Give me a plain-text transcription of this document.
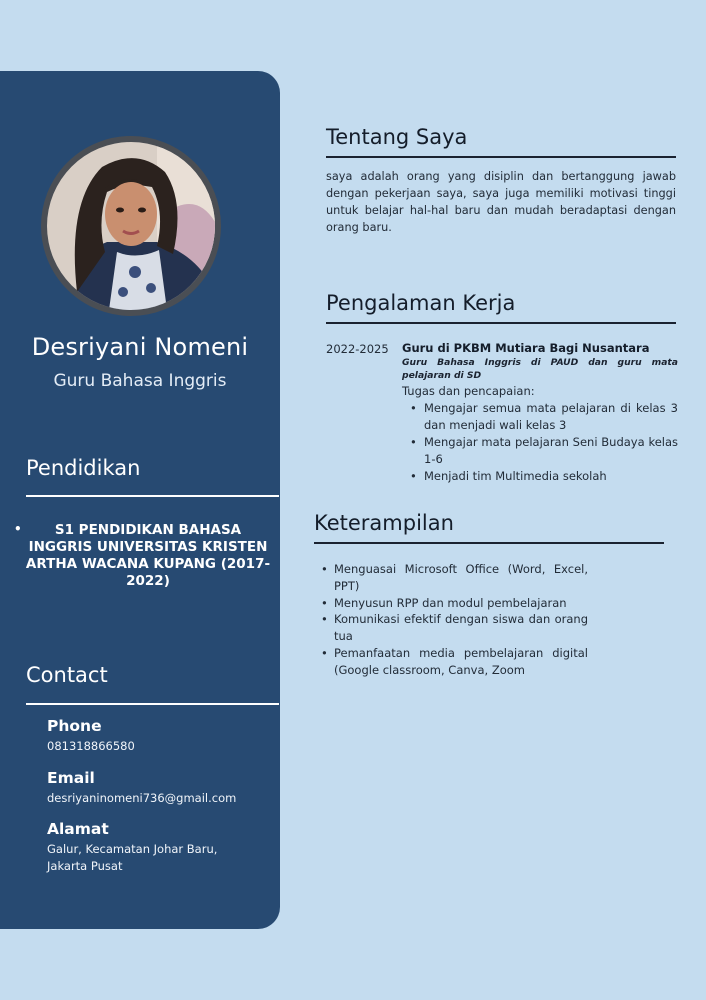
Desriyani Nomeni
Guru Bahasa Inggris
Pendidikan
•	S1 PENDIDIKAN BAHASA INGGRIS UNIVERSITAS KRISTEN ARTHA WACANA KUPANG (2017-2022)
Contact
Phone
081318866580
Email
desriyaninomeni736@gmail.com
Alamat
Galur, Kecamatan Johar Baru, Jakarta Pusat
Tentang Saya
saya adalah orang yang disiplin dan bertanggung jawab dengan pekerjaan saya, saya juga memiliki motivasi tinggi untuk belajar hal-hal baru dan mudah beradaptasi dengan orang baru.
Pengalaman Kerja
2022-2025 Guru di PKBM Mutiara Bagi Nusantara
Guru Bahasa Inggris di PAUD dan guru mata pelajaran di SD
Tugas dan pencapaian:
• Mengajar semua mata pelajaran di kelas 3 dan menjadi wali kelas 3
• Mengajar mata pelajaran Seni Budaya kelas 1-6
• Menjadi tim Multimedia sekolah
Keterampilan
• Menguasai Microsoft Office (Word, Excel, PPT)
• Menyusun RPP dan modul pembelajaran
• Komunikasi efektif dengan siswa dan orang tua
• Pemanfaatan media pembelajaran digital (Google classroom, Canva, Zoom
